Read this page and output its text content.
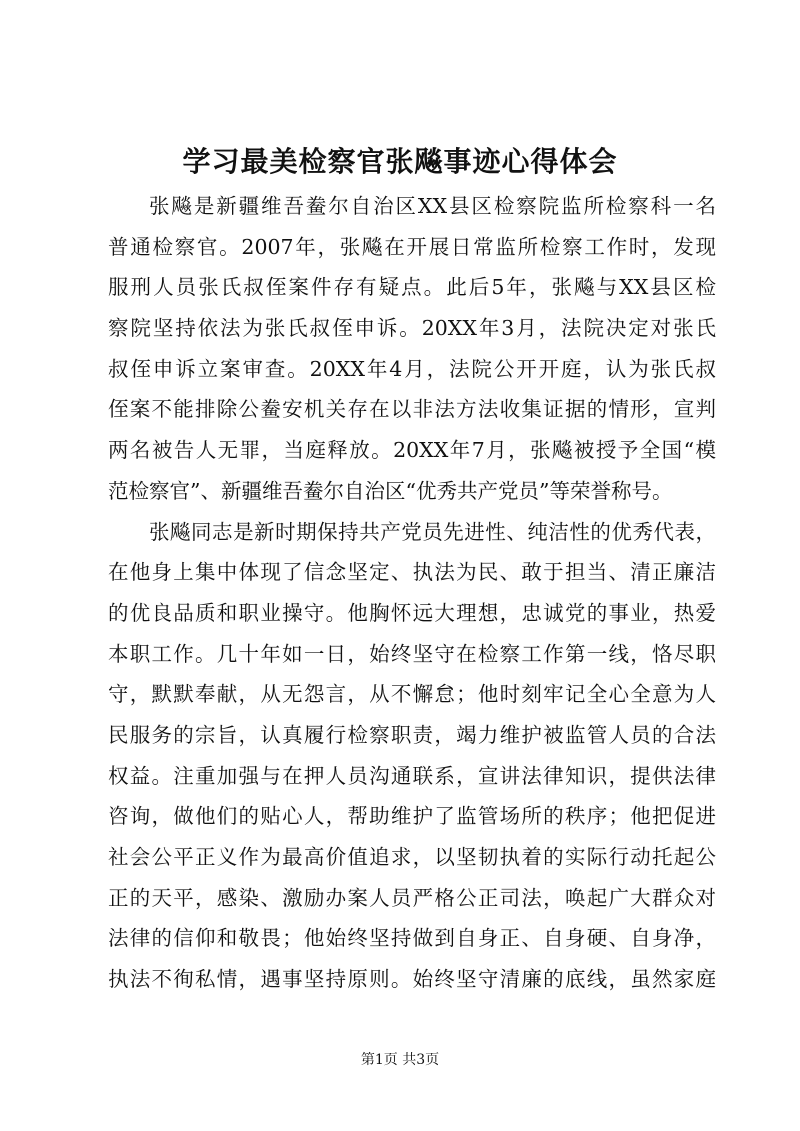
学习最美检察官张飚事迹心得体会
张飚是新疆维吾鲞尔自治区XX县区检察院监所检察科一名
普通检察官。2007年，张飚在开展日常监所检察工作时，发现
服刑人员张氏叔侄案件存有疑点。此后5年，张飚与XX县区检
察院坚持依法为张氏叔侄申诉。20XX年3月，法院决定对张氏
叔侄申诉立案审查。20XX年4月，法院公开开庭，认为张氏叔
侄案不能排除公鲞安机关存在以非法方法收集证据的情形，宣判
两名被告人无罪，当庭释放。20XX年7月，张飚被授予全国“模
范检察官”、新疆维吾鲞尔自治区“优秀共产党员”等荣誉称号。
张飚同志是新时期保持共产党员先进性、纯洁性的优秀代表，
在他身上集中体现了信念坚定、执法为民、敢于担当、清正廉洁
的优良品质和职业操守。他胸怀远大理想，忠诚党的事业，热爱
本职工作。几十年如一日，始终坚守在检察工作第一线，恪尽职
守，默默奉献，从无怨言，从不懈怠；他时刻牢记全心全意为人
民服务的宗旨，认真履行检察职责，竭力维护被监管人员的合法
权益。注重加强与在押人员沟通联系，宣讲法律知识，提供法律
咨询，做他们的贴心人，帮助维护了监管场所的秩序；他把促进
社会公平正义作为最高价值追求，以坚韧执着的实际行动托起公
正的天平，感染、激励办案人员严格公正司法，唤起广大群众对
法律的信仰和敬畏；他始终坚持做到自身正、自身硬、自身净，
执法不徇私情，遇事坚持原则。始终坚守清廉的底线，虽然家庭
第1页 共3页
